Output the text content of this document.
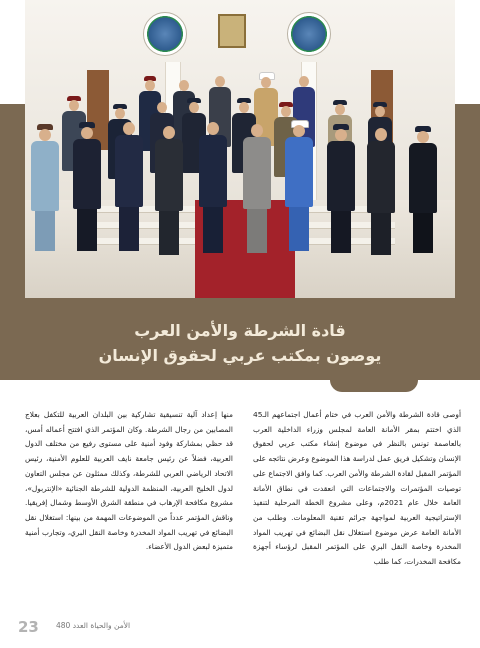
قادة الشرطة والأمن العرب
يوصون بمكتب عربي لحقوق الإنسان
أوصى قادة الشرطة والأمن العرب في ختام أعمال اجتماعهم الـ45 الذي اختتم بمقر الأمانة العامة لمجلس وزراء الداخلية العرب بالعاصمة تونس بالنظر في موضوع إنشاء مكتب عربي لحقوق الإنسان وتشكيل فريق عمل لدراسة هذا الموضوع وعرض نتائجه على المؤتمر المقبل لقادة الشرطة والأمن العرب. كما وافق الاجتماع على توصيات المؤتمرات والاجتماعات التي انعقدت في نطاق الأمانة العامة خلال عام 2021م، وعلى مشروع الخطة المرحلية لتنفيذ الإستراتيجية العربية لمواجهة جرائم تقنية المعلومات. وطلب من الأمانة العامة عرض موضوع استغلال نقل البضائع في تهريب المواد المخدرة وخاصة النقل البري على المؤتمر المقبل لرؤساء أجهزة مكافحة المخدرات، كما طلب
منها إعداد آلية تنسيقية تشاركية بين البلدان العربية للتكفل بعلاج المصابين من رجال الشرطة. وكان المؤتمر الذي افتتح أعماله أمس، قد حظي بمشاركة وفود أمنية على مستوى رفيع من مختلف الدول العربية، فضلاً عن رئيس جامعة نايف العربية للعلوم الأمنية، رئيس الاتحاد الرياضي العربي للشرطة، وكذلك ممثلون عن مجلس التعاون لدول الخليج العربية، المنظمة الدولية للشرطة الجنائية «الإنتربول»، مشروع مكافحة الإرهاب في منطقة الشرق الأوسط وشمال إفريقيا. وناقش المؤتمر عدداً من الموضوعات المهمة من بينها: استغلال نقل البضائع في تهريب المواد المخدرة وخاصة النقل البري، وتجارب أمنية متميزة لبعض الدول الأعضاء.
23 الأمن والحياة العدد 480
